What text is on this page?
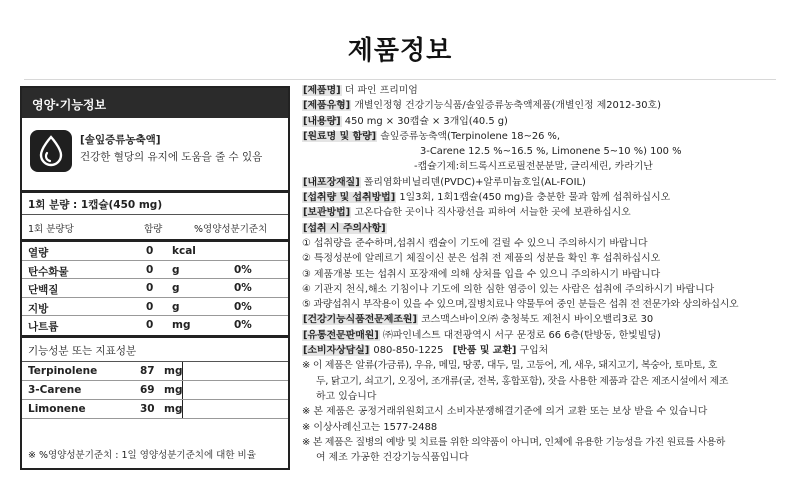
제품정보
영양·기능정보
[솔잎증류농축액]
건강한 혈당의 유지에 도움을 줄 수 있음
1회 분량 : 1캡슐(450 mg)
1회 분량당	함량	%영양성분기준치
열량	0 kcal
탄수화물	0 g	0%
단백질	0 g	0%
지방	0 g	0%
나트륨	0 mg	0%
기능성분 또는 지표성분
Terpinolene	87 mg
3-Carene	69 mg
Limonene	30 mg
※ %영양성분기준치 : 1일 영양성분기준치에 대한 비율
[제품명] 더 파인 프리미엄
[제품유형] 개별인정형 건강기능식품/솔잎증류농축액제품(개별인정 제2012-30호)
[내용량] 450 mg × 30캡슐 × 3개입(40.5 g)
[원료명 및 함량] 솔잎증류농축액(Terpinolene 18~26 %,
3-Carene 12.5 %~16.5 %, Limonene 5~10 %) 100 %
-캡슐기제:히드록시프로필전분분말, 글리세린, 카라기난
[내포장재질] 폴리염화비닐리덴(PVDC)+알루미늄호일(AL-FOIL)
[섭취량 및 섭취방법] 1일3회, 1회1캡슐(450 mg)을 충분한 물과 함께 섭취하십시오
[보관방법] 고온다습한 곳이나 직사광선을 피하여 서늘한 곳에 보관하십시오
[섭취 시 주의사항]
① 섭취량을 준수하며,섭취시 캡슐이 기도에 걸릴 수 있으니 주의하시기 바랍니다
② 특정성분에 알레르기 체질이신 분은 섭취 전 제품의 성분을 확인 후 섭취하십시오
③ 제품개봉 또는 섭취시 포장재에 의해 상처를 입을 수 있으니 주의하시기 바랍니다
④ 기관지 천식,해소 기침이나 기도에 의한 심한 염증이 있는 사람은 섭취에 주의하시기 바랍니다
⑤ 과량섭취시 부작용이 있을 수 있으며,질병치료나 약물투여 중인 분들은 섭취 전 전문가와 상의하십시오
[건강기능식품전문제조원] 코스맥스바이오㈜ 충청북도 제천시 바이오밸리3로 30
[유통전문판매원] ㈜파인네스트 대전광역시 서구 문정로 66 6층(탄방동, 한빛빌딩)
[소비자상담실] 080-850-1225 [반품 및 교환] 구입처
※ 이 제품은 알류(가금류), 우유, 메밀, 땅콩, 대두, 밀, 고등어, 게, 새우, 돼지고기, 복숭아, 토마토, 호
두, 닭고기, 쇠고기, 오징어, 조개류(굴, 전복, 홍합포함), 잣을 사용한 제품과 같은 제조시설에서 제조
하고 있습니다
※ 본 제품은 공정거래위원회고시 소비자분쟁해결기준에 의거 교환 또는 보상 받을 수 있습니다
※ 이상사례신고는 1577-2488
※ 본 제품은 질병의 예방 및 치료를 위한 의약품이 아니며, 인체에 유용한 기능성을 가진 원료를 사용하
여 제조 가공한 건강기능식품입니다
